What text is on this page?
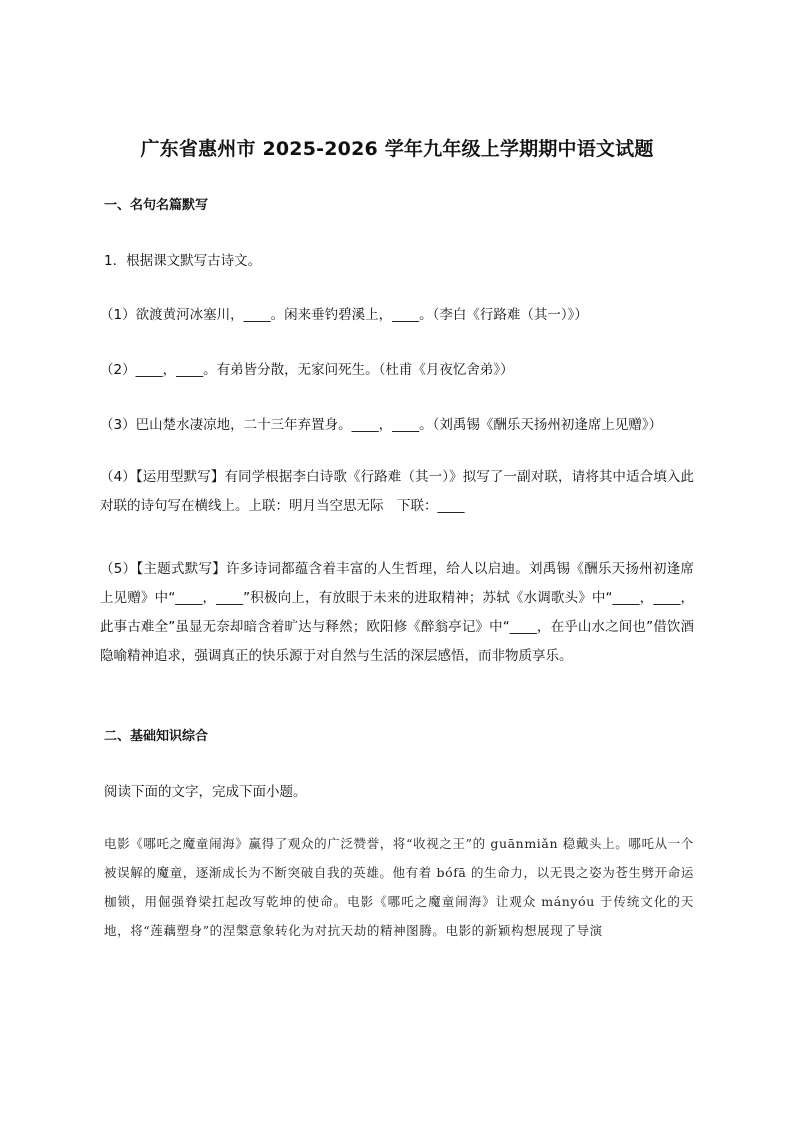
广东省惠州市 2025-2026 学年九年级上学期期中语文试题
一、名句名篇默写
1．根据课文默写古诗文。
（1）欲渡黄河冰塞川，____。闲来垂钓碧溪上，____。（李白《行路难（其一）》）
（2）____，____。有弟皆分散，无家问死生。（杜甫《月夜忆舍弟》）
（3）巴山楚水凄凉地，二十三年弃置身。____，____。（刘禹锡《酬乐天扬州初逢席上见赠》）
（4）【运用型默写】有同学根据李白诗歌《行路难（其一）》拟写了一副对联，请将其中适合填入此对联的诗句写在横线上。上联：明月当空思无际　下联：____
（5）【主题式默写】许多诗词都蕴含着丰富的人生哲理，给人以启迪。刘禹锡《酬乐天扬州初逢席上见赠》中“____，____”积极向上，有放眼于未来的进取精神；苏轼《水调歌头》中“____，____，此事古难全”虽显无奈却暗含着旷达与释然；欧阳修《醉翁亭记》中“____，在乎山水之间也”借饮酒隐喻精神追求，强调真正的快乐源于对自然与生活的深层感悟，而非物质享乐。
二、基础知识综合
阅读下面的文字，完成下面小题。
电影《哪吒之魔童闹海》赢得了观众的广泛赞誉，将“收视之王”的 guānmiǎn 稳戴头上。哪吒从一个被误解的魔童，逐渐成长为不断突破自我的英雄。他有着 bófā 的生命力，以无畏之姿为苍生劈开命运枷锁，用倔强脊梁扛起改写乾坤的使命。电影《哪吒之魔童闹海》让观众 mányóu 于传统文化的天地，将“莲藕塑身”的涅槃意象转化为对抗天劫的精神图腾。电影的新颖构想展现了导演
